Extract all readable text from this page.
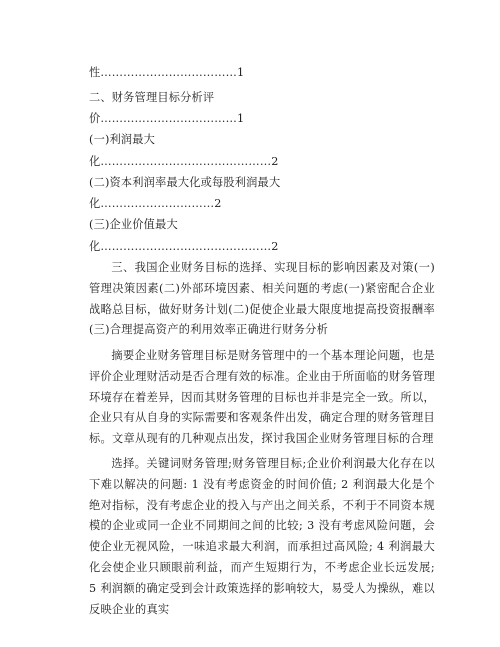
性………………………………1
二、财务管理目标分析评
价………………………………1
(一)利润最大
化………………………………………2
(二)资本利润率最大化或每股利润最大
化…………………………2
(三)企业价值最大
化………………………………………2
三、我国企业财务目标的选择、实现目标的影响因素及对策(一)管理决策因素(二)外部环境因素、相关问题的考虑(一)紧密配合企业战略总目标，做好财务计划(二)促使企业最大限度地提高投资报酬率(三)合理提高资产的利用效率正确进行财务分析
摘要企业财务管理目标是财务管理中的一个基本理论问题，也是评价企业理财活动是否合理有效的标准。企业由于所面临的财务管理环境存在着差异，因而其财务管理的目标也并非是完全一致。所以，企业只有从自身的实际需要和客观条件出发，确定合理的财务管理目标。文章从现有的几种观点出发，探讨我国企业财务管理目标的合理
选择。关键词财务管理;财务管理目标;企业价利润最大化存在以下难以解决的问题: 1 没有考虑资金的时间价值; 2 利润最大化是个绝对指标，没有考虑企业的投入与产出之间关系，不利于不同资本规模的企业或同一企业不同期间之间的比较; 3 没有考虑风险问题，会使企业无视风险，一味追求最大利润，而承担过高风险; 4 利润最大化会使企业只顾眼前利益，而产生短期行为，不考虑企业长远发展; 5 利润额的确定受到会计政策选择的影响较大，易受人为操纵，难以反映企业的真实
